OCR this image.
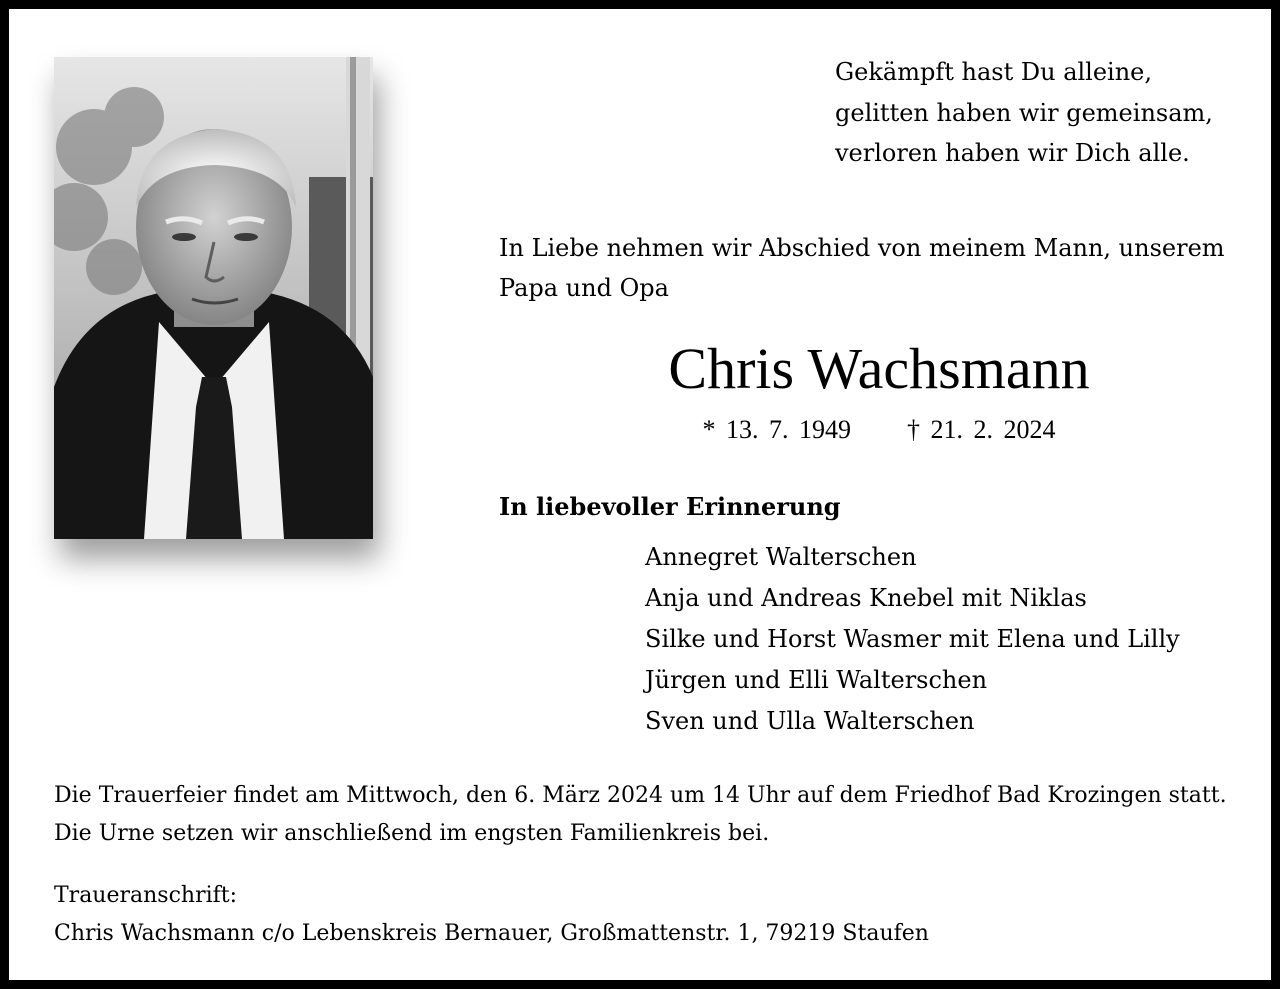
Gekämpft hast Du alleine,
gelitten haben wir gemeinsam,
verloren haben wir Dich alle.
In Liebe nehmen wir Abschied von meinem Mann, unserem
Papa und Opa
Chris Wachsmann
* 13. 7. 1949 † 21. 2. 2024
In liebevoller Erinnerung
Annegret Walterschen
Anja und Andreas Knebel mit Niklas
Silke und Horst Wasmer mit Elena und Lilly
Jürgen und Elli Walterschen
Sven und Ulla Walterschen
Die Trauerfeier findet am Mittwoch, den 6. März 2024 um 14 Uhr auf dem Friedhof Bad Krozingen statt.
Die Urne setzen wir anschließend im engsten Familienkreis bei.
Traueranschrift:
Chris Wachsmann c/o Lebenskreis Bernauer, Großmattenstr. 1, 79219 Staufen
